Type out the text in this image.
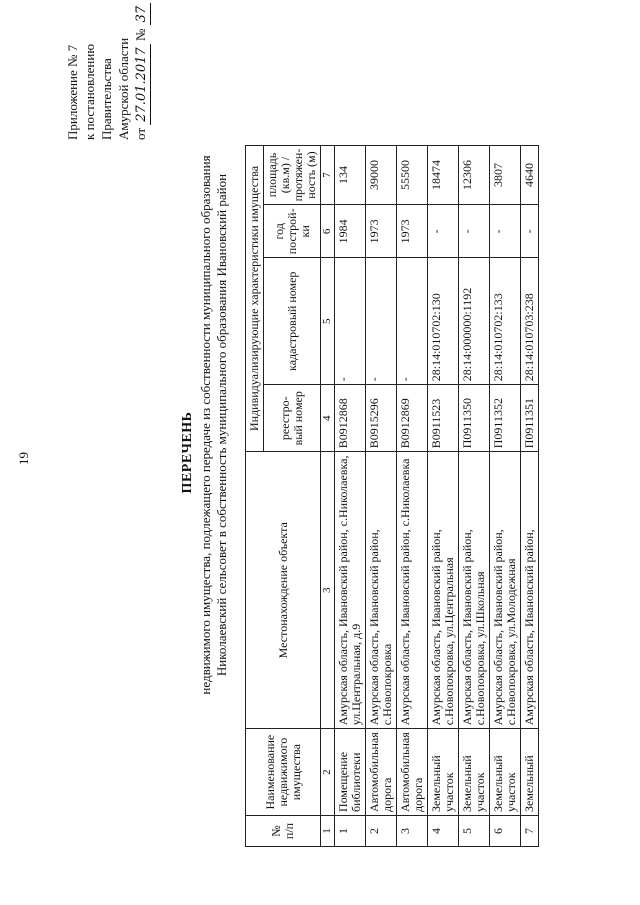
19
Приложение № 7 к постановлению Правительства Амурской области от 27.01.2017 № 37
ПЕРЕЧЕНЬ недвижимого имущества, подлежащего передаче из собственности муниципального образования Николаевский сельсовет в собственность муниципального образования Ивановский район
№ п/п	Наименование недвижимого имущества	Местонахождение объекта	Индивидуализирующие характеристики имущества			
			реестро-вый номер	кадастровый номер	год построй-ки	площадь (кв.м) / протяжен-ность (м)
1	2	3	4	5	6	7
1	Помещение библиотеки	Амурская область, Ивановский район, с.Николаевка, ул.Центральная, д.9	В0912868	-	1984	134
2	Автомобильная дорога	Амурская область, Ивановский район, с.Новопокровка	В0915296	-	1973	39000
3	Автомобильная дорога	Амурская область, Ивановский район, с.Николаевка	В0912869	-	1973	55500
4	Земельный участок	Амурская область, Ивановский район, с.Новопокровка, ул.Центральная	В0911523	28:14:010702:130	-	18474
5	Земельный участок	Амурская область, Ивановский район, с.Новопокровка, ул.Школьная	П0911350	28:14:000000:1192	-	12306
6	Земельный участок	Амурская область, Ивановский район, с.Новопокровка, ул.Молодежная	П0911352	28:14:010702:133	-	3807
7	Земельный	Амурская область, Ивановский район,	П0911351	28:14:010703:238	-	4640
